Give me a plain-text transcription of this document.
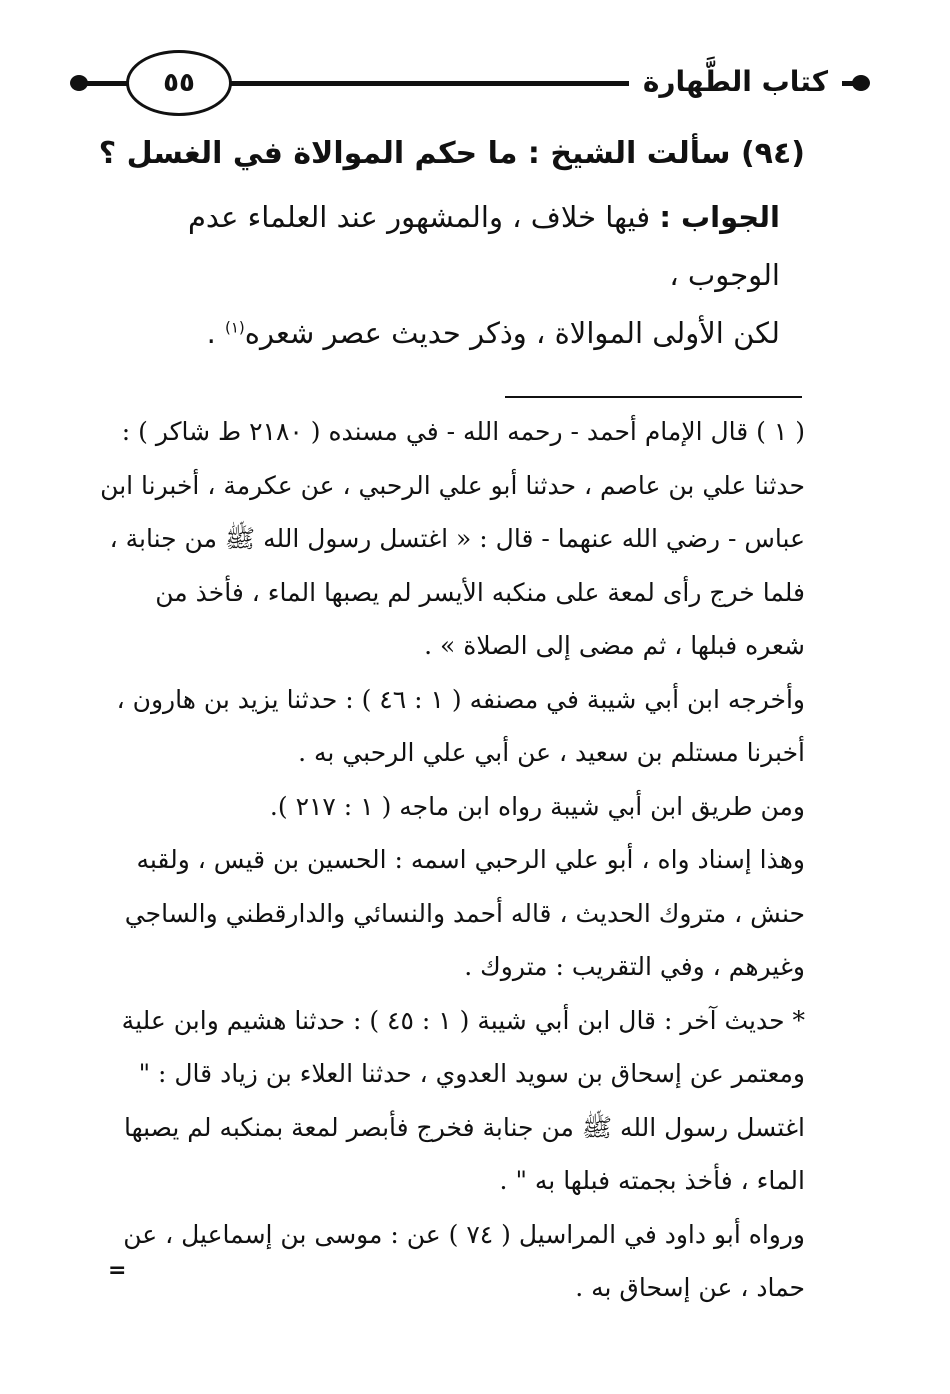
٥٥	كتاب الطَّهارة
(٩٤) سألت الشيخ : ما حكم الموالاة في الغسل ؟

الجواب : فيها خلاف ، والمشهور عند العلماء عدم الوجوب ،

لكن الأولى الموالاة ، وذكر حديث عصر شعره$^{(١)}$ .

( ١ ) قال الإمام أحمد - رحمه الله - في مسنده ( ٢١٨٠ ط شاكر ) : حدثنا علي بن عاصم ، حدثنا أبو علي الرحبي ، عن عكرمة ، أخبرنا ابن عباس - رضي الله عنهما - قال : « اغتسل رسول الله ﷺ من جنابة ، فلما خرج رأى لمعة على منكبه الأيسر لم يصبها الماء ، فأخذ من شعره فبلها ، ثم مضى إلى الصلاة » .

وأخرجه ابن أبي شيبة في مصنفه ( ١ : ٤٦ ) : حدثنا يزيد بن هارون ، أخبرنا مستلم بن سعيد ، عن أبي علي الرحبي به .

ومن طريق ابن أبي شيبة رواه ابن ماجه ( ١ : ٢١٧ ).

وهذا إسناد واه ، أبو علي الرحبي اسمه : الحسين بن قيس ، ولقبه حنش ، متروك الحديث ، قاله أحمد والنسائي والدارقطني والساجي وغيرهم ، وفي التقريب : متروك .

* حديث آخر : قال ابن أبي شيبة ( ١ : ٤٥ ) : حدثنا هشيم وابن علية ومعتمر عن إسحاق بن سويد العدوي ، حدثنا العلاء بن زياد قال : " اغتسل رسول الله ﷺ من جنابة فخرج فأبصر لمعة بمنكبه لم يصبها الماء ، فأخذ بجمته فبلها به " .

ورواه أبو داود في المراسيل ( ٧٤ ) عن : موسى بن إسماعيل ، عن حماد ، عن إسحاق به .

=
